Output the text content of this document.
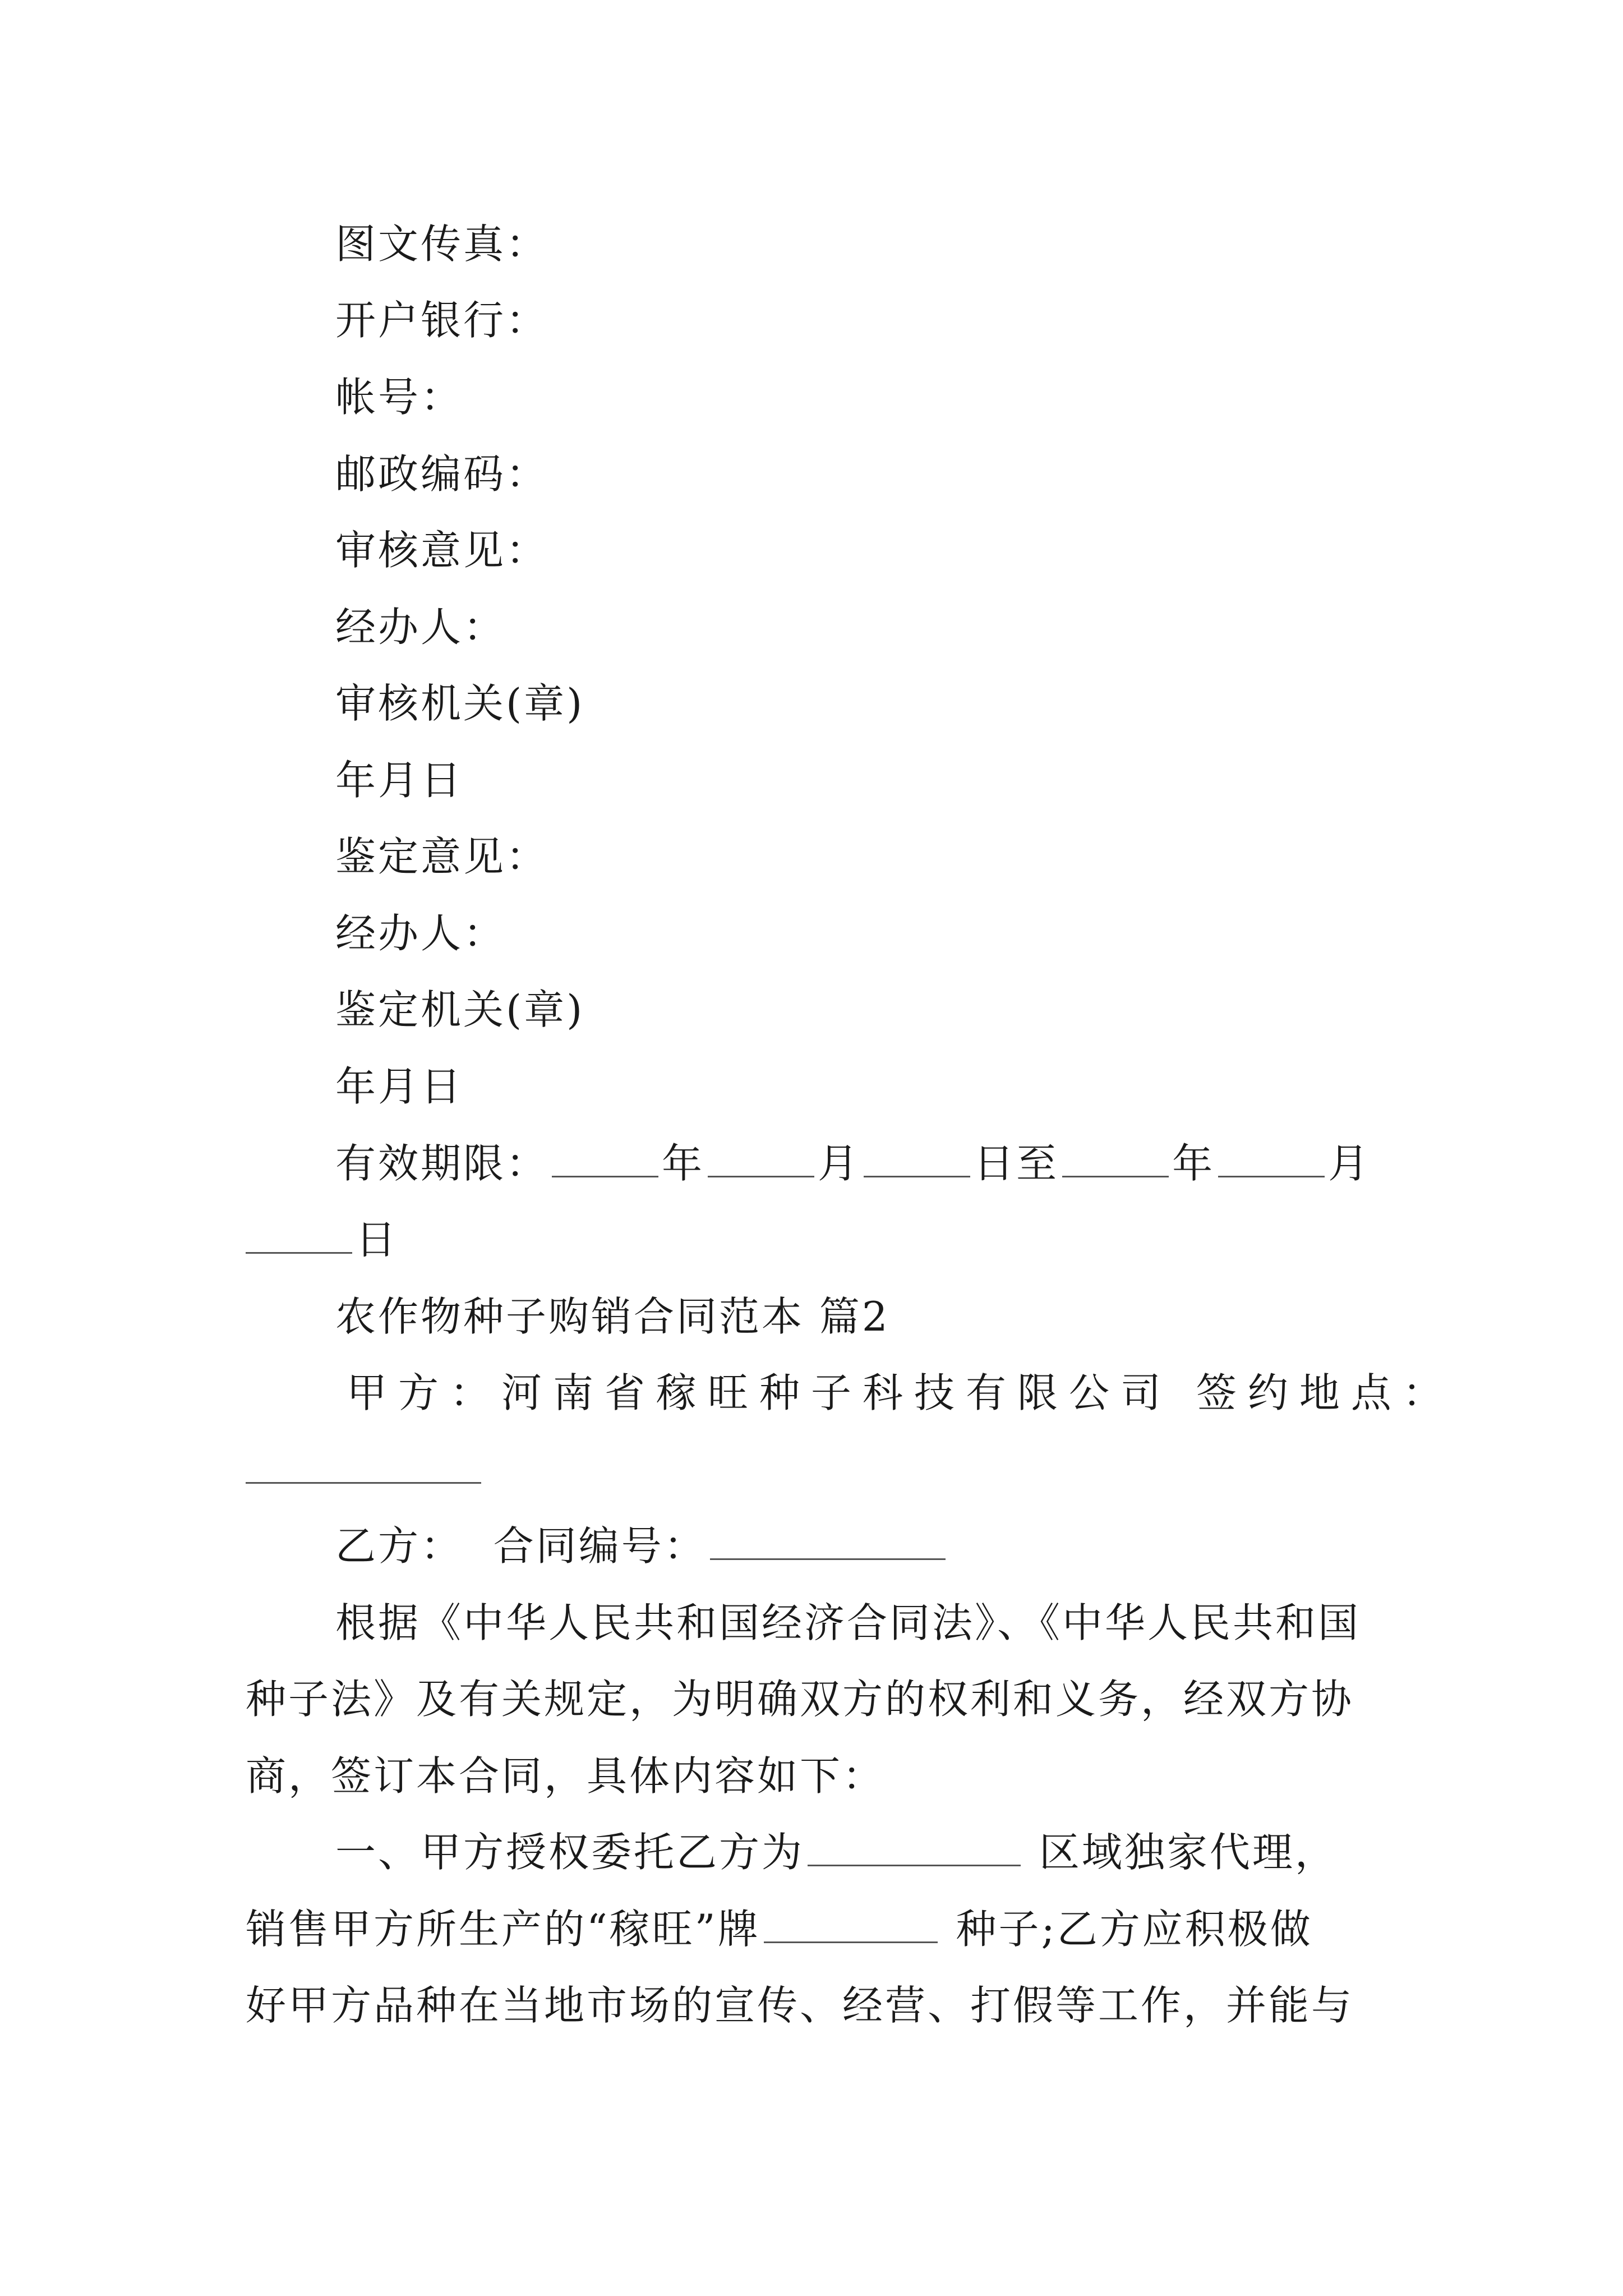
图文传真：
开户银行：
帐号：
邮政编码：
审核意见：
经办人：
审核机关(章)
年月日
鉴定意见：
经办人：
鉴定机关(章)
年月日
有效期限：	年	月	日至	年	月
日
农作物种子购销合同范本 篇2
甲方：河南省稼旺种子科技有限公司 签约地点：
乙方： 合同编号：
根据《中华人民共和国经济合同法》、《中华人民共和国
种子法》及有关规定，为明确双方的权利和义务，经双方协
商，签订本合同，具体内容如下：
一、甲方授权委托乙方为	区域独家代理，
销售甲方所生产的“稼旺”牌	种子;乙方应积极做
好甲方品种在当地市场的宣传、经营、打假等工作，并能与
